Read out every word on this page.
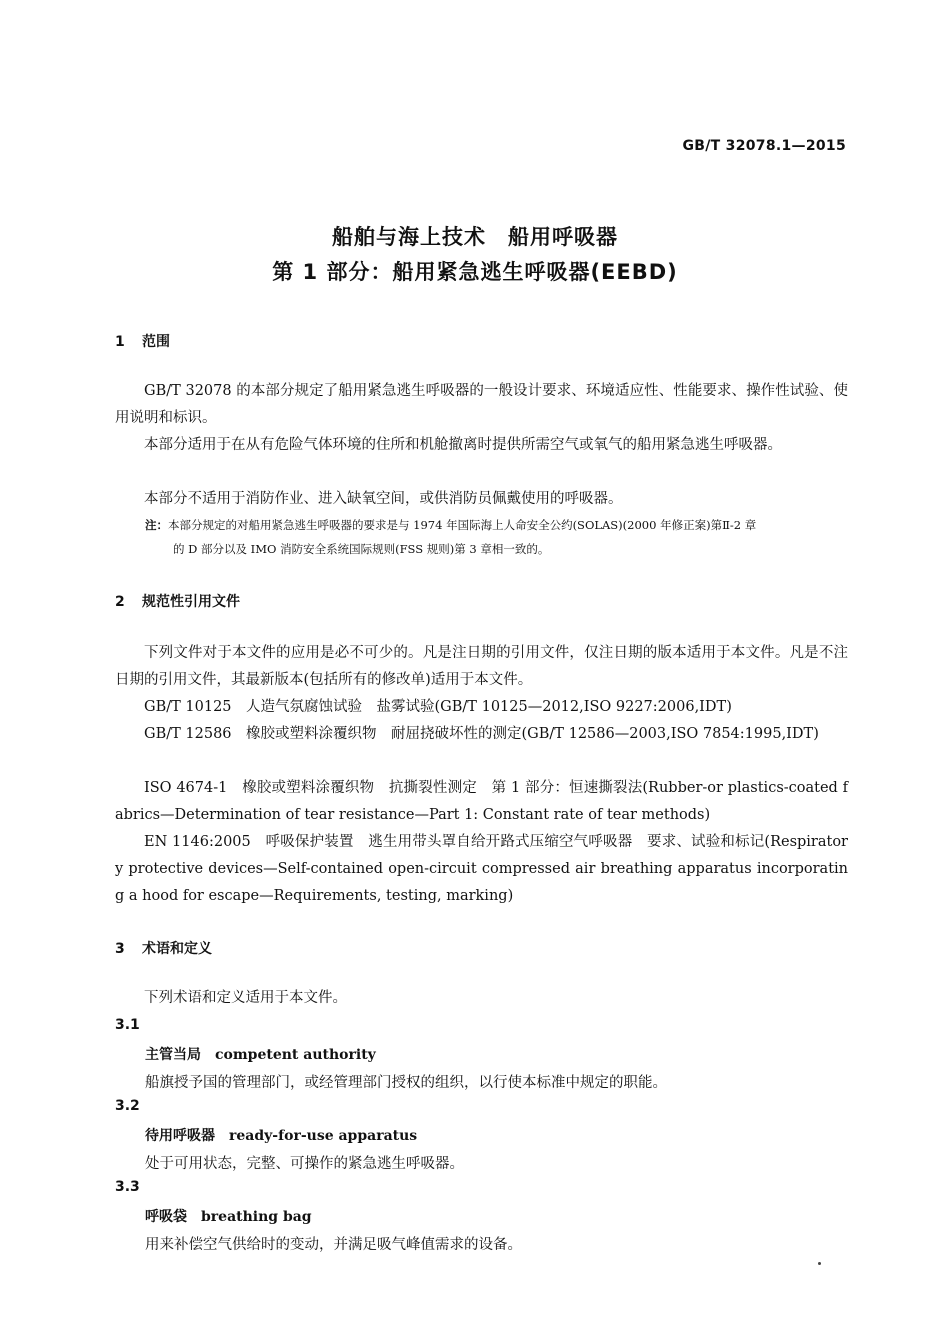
GB/T 32078.1—2015
船舶与海上技术　船用呼吸器
第 1 部分：船用紧急逃生呼吸器(EEBD)
1 范围
GB/T 32078 的本部分规定了船用紧急逃生呼吸器的一般设计要求、环境适应性、性能要求、操作性试验、使用说明和标识。
本部分适用于在从有危险气体环境的住所和机舱撤离时提供所需空气或氧气的船用紧急逃生呼吸器。
本部分不适用于消防作业、进入缺氧空间，或供消防员佩戴使用的呼吸器。
注：本部分规定的对船用紧急逃生呼吸器的要求是与 1974 年国际海上人命安全公约(SOLAS)(2000 年修正案)第Ⅱ-2 章
的 D 部分以及 IMO 消防安全系统国际规则(FSS 规则)第 3 章相一致的。
2 规范性引用文件
下列文件对于本文件的应用是必不可少的。凡是注日期的引用文件，仅注日期的版本适用于本文件。凡是不注日期的引用文件，其最新版本(包括所有的修改单)适用于本文件。
GB/T 10125　人造气氛腐蚀试验　盐雾试验(GB/T 10125—2012,ISO 9227:2006,IDT)
GB/T 12586　橡胶或塑料涂覆织物　耐屈挠破坏性的测定(GB/T 12586—2003,ISO 7854:1995,IDT)
ISO 4674-1　橡胶或塑料涂覆织物　抗撕裂性测定　第 1 部分：恒速撕裂法(Rubber-or plastics-coated fabrics—Determination of tear resistance—Part 1: Constant rate of tear methods)
EN 1146:2005　呼吸保护装置　逃生用带头罩自给开路式压缩空气呼吸器　要求、试验和标记(Respiratory protective devices—Self-contained open-circuit compressed air breathing apparatus incorporating a hood for escape—Requirements, testing, marking)
3 术语和定义
下列术语和定义适用于本文件。
3.1
主管当局 competent authority
船旗授予国的管理部门，或经管理部门授权的组织，以行使本标准中规定的职能。
3.2
待用呼吸器 ready-for-use apparatus
处于可用状态，完整、可操作的紧急逃生呼吸器。
3.3
呼吸袋 breathing bag
用来补偿空气供给时的变动，并满足吸气峰值需求的设备。
